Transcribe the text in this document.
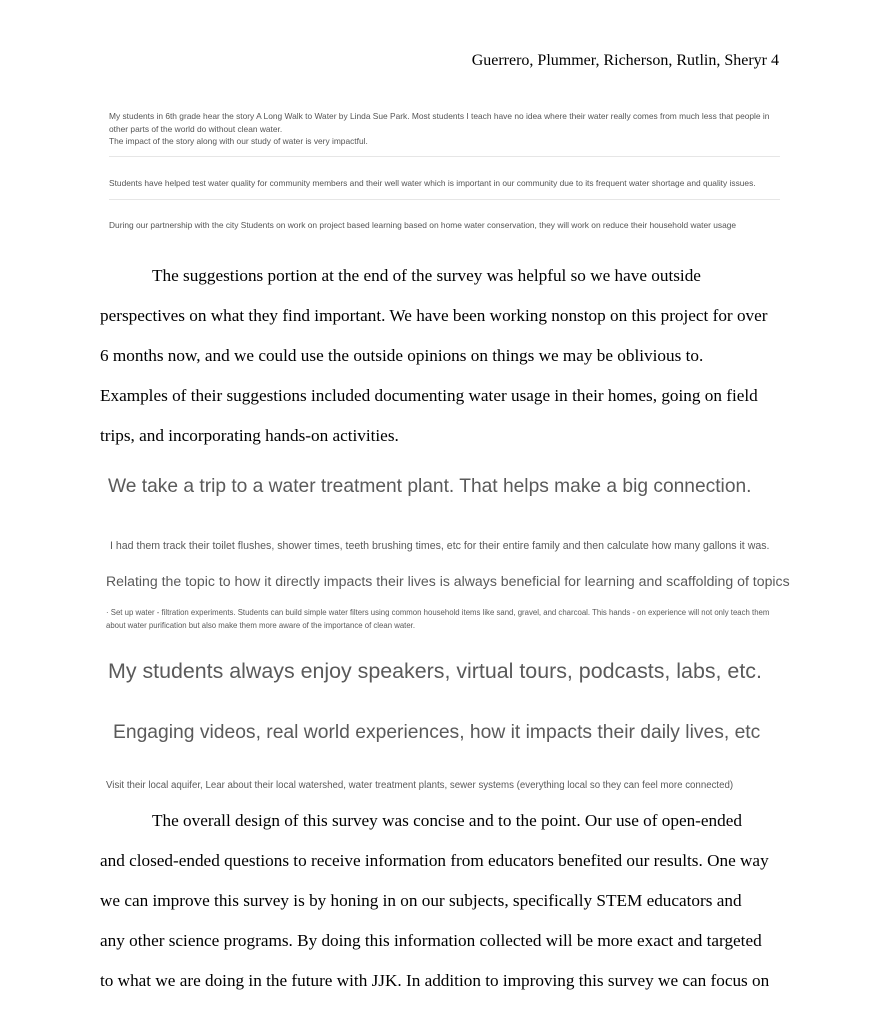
Guerrero, Plummer, Richerson, Rutlin, Sheryr 4

My students in 6th grade hear the story A Long Walk to Water by Linda Sue Park. Most students I teach have no idea where their water really comes from much less that people in

other parts of the world do without clean water.

The impact of the story along with our study of water is very impactful.

Students have helped test water quality for community members and their well water which is important in our community due to its frequent water shortage and quality issues.

During our partnership with the city Students on work on project based learning based on home water conservation, they will work on reduce their household water usage

The suggestions portion at the end of the survey was helpful so we have outside
perspectives on what they find important. We have been working nonstop on this project for over
6 months now, and we could use the outside opinions on things we may be oblivious to.
Examples of their suggestions included documenting water usage in their homes, going on field
trips, and incorporating hands-on activities.

We take a trip to a water treatment plant. That helps make a big connection.

I had them track their toilet flushes, shower times, teeth brushing times, etc for their entire family and then calculate how many gallons it was.

Relating the topic to how it directly impacts their lives is always beneficial for learning and scaffolding of topics

· Set up water - filtration experiments. Students can build simple water filters using common household items like sand, gravel, and charcoal. This hands - on experience will not only teach them about water purification but also make them more aware of the importance of clean water.

My students always enjoy speakers, virtual tours, podcasts, labs, etc.

Engaging videos, real world experiences, how it impacts their daily lives, etc

Visit their local aquifer, Lear about their local watershed, water treatment plants, sewer systems (everything local so they can feel more connected)

The overall design of this survey was concise and to the point. Our use of open-ended
and closed-ended questions to receive information from educators benefited our results. One way
we can improve this survey is by honing in on our subjects, specifically STEM educators and
any other science programs. By doing this information collected will be more exact and targeted
to what we are doing in the future with JJK. In addition to improving this survey we can focus on
